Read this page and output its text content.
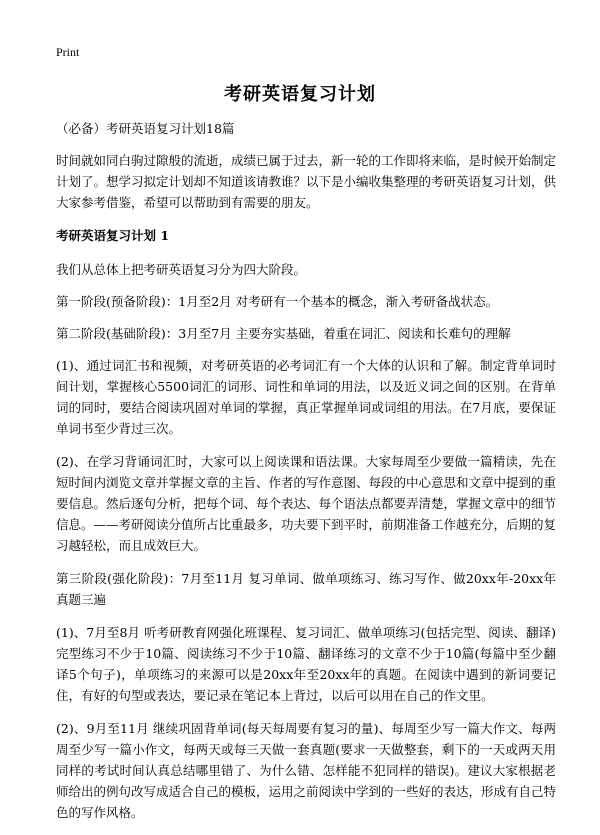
Print
考研英语复习计划

（必备）考研英语复习计划18篇

时间就如同白驹过隙般的流逝，成绩已属于过去，新一轮的工作即将来临，是时候开始制定计划了。想学习拟定计划却不知道该请教谁？以下是小编收集整理的考研英语复习计划，供大家参考借鉴，希望可以帮助到有需要的朋友。

考研英语复习计划 1

我们从总体上把考研英语复习分为四大阶段。

第一阶段(预备阶段)：1月至2月 对考研有一个基本的概念，渐入考研备战状态。

第二阶段(基础阶段)：3月至7月 主要夯实基础，着重在词汇、阅读和长难句的理解

(1)、通过词汇书和视频，对考研英语的必考词汇有一个大体的认识和了解。制定背单词时间计划，掌握核心5500词汇的词形、词性和单词的用法，以及近义词之间的区别。在背单词的同时，要结合阅读巩固对单词的掌握，真正掌握单词或词组的用法。在7月底，要保证单词书至少背过三次。

(2)、在学习背诵词汇时，大家可以上阅读课和语法课。大家每周至少要做一篇精读，先在短时间内浏览文章并掌握文章的主旨、作者的写作意图、每段的中心意思和文章中提到的重要信息。然后逐句分析，把每个词、每个表达、每个语法点都要弄清楚，掌握文章中的细节信息。——考研阅读分值所占比重最多，功夫要下到平时，前期准备工作越充分，后期的复习越轻松，而且成效巨大。

第三阶段(强化阶段)：7月至11月 复习单词、做单项练习、练习写作、做20xx年-20xx年真题三遍

(1)、7月至8月 听考研教育网强化班课程、复习词汇、做单项练习(包括完型、阅读、翻译)完型练习不少于10篇、阅读练习不少于10篇、翻译练习的文章不少于10篇(每篇中至少翻译5个句子)，单项练习的来源可以是20xx年至20xx年的真题。在阅读中遇到的新词要记住，有好的句型或表达，要记录在笔记本上背过，以后可以用在自己的作文里。

(2)、9月至11月 继续巩固背单词(每天每周要有复习的量)、每周至少写一篇大作文、每两周至少写一篇小作文，每两天或每三天做一套真题(要求一天做整套，剩下的一天或两天用同样的考试时间认真总结哪里错了、为什么错、怎样能不犯同样的错误)。建议大家根据老师给出的例句改写成适合自己的模板，运用之前阅读中学到的一些好的表达，形成有自己特色的写作风格。
